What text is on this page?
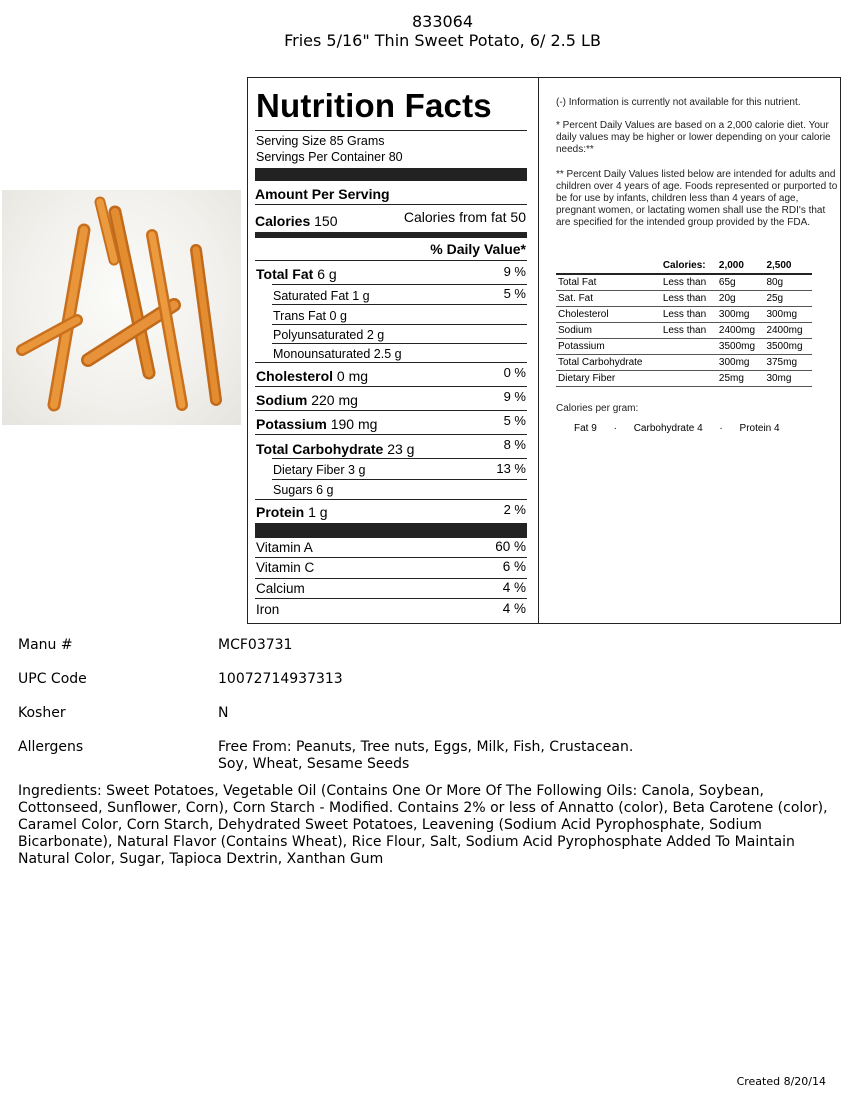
833064
Fries 5/16" Thin Sweet Potato, 6/ 2.5 LB
Nutrition Facts
Serving Size 85 Grams
Servings Per Container 80
Amount Per Serving
Calories 150	Calories from fat 50
% Daily Value*
Total Fat 6 g	9 %
Saturated Fat 1 g	5 %
Trans Fat 0 g
Polyunsaturated 2 g
Monounsaturated 2.5 g
Cholesterol 0 mg	0 %
Sodium 220 mg	9 %
Potassium 190 mg	5 %
Total Carbohydrate 23 g	8 %
Dietary Fiber 3 g	13 %
Sugars 6 g
Protein 1 g	2 %
Vitamin A	60 %
Vitamin C	6 %
Calcium	4 %
Iron	4 %

(-) Information is currently not available for this nutrient.

* Percent Daily Values are based on a 2,000 calorie diet. Your daily values may be higher or lower depending on your calorie needs:**

** Percent Daily Values listed below are intended for adults and children over 4 years of age. Foods represented or purported to be for use by infants, children less than 4 years of age, pregnant women, or lactating women shall use the RDI's that are specified for the intended group provided by the FDA.

	Calories:	2,000	2,500
Total Fat	Less than	65g	80g
Sat. Fat	Less than	20g	25g
Cholesterol	Less than	300mg	300mg
Sodium	Less than	2400mg	2400mg
Potassium		3500mg	3500mg
Total Carbohydrate		300mg	375mg
Dietary Fiber		25mg	30mg

Calories per gram:

Fat 9 · Carbohydrate 4 · Protein 4
Manu #	MCF03731
UPC Code	10072714937313
Kosher	N
Allergens	Free From: Peanuts, Tree nuts, Eggs, Milk, Fish, Crustacean.
Soy, Wheat, Sesame Seeds
Ingredients: Sweet Potatoes, Vegetable Oil (Contains One Or More Of The Following Oils: Canola, Soybean, Cottonseed, Sunflower, Corn), Corn Starch - Modified. Contains 2% or less of Annatto (color), Beta Carotene (color), Caramel Color, Corn Starch, Dehydrated Sweet Potatoes, Leavening (Sodium Acid Pyrophosphate, Sodium Bicarbonate), Natural Flavor (Contains Wheat), Rice Flour, Salt, Sodium Acid Pyrophosphate Added To Maintain Natural Color, Sugar, Tapioca Dextrin, Xanthan Gum
Created 8/20/14
